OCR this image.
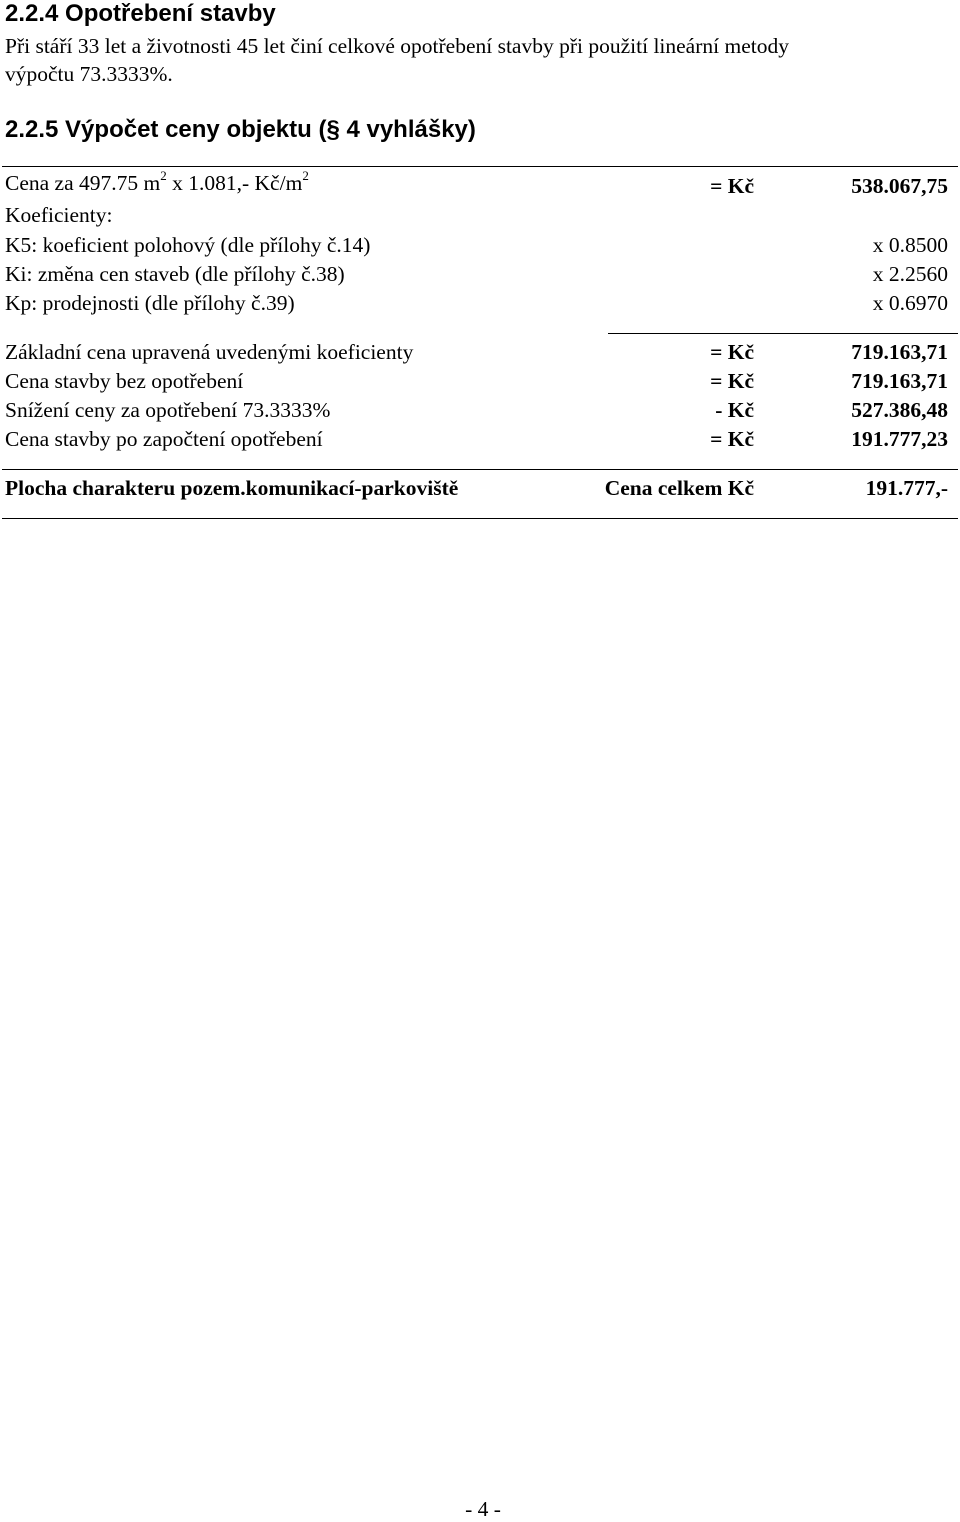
2.2.4 Opotřebení stavby
Při stáří 33 let a životnosti 45 let činí celkové opotřebení stavby při použití lineární metody
výpočtu 73.3333%.
2.2.5 Výpočet ceny objektu (§ 4 vyhlášky)
Cena za 497.75 $m^2$ x 1.081,- $Kč/m^2$	= Kč	538.067,75
Koeficienty:
K5: koeficient polohový (dle přílohy č.14)	x 0.8500
Ki: změna cen staveb (dle přílohy č.38)	x 2.2560
Kp: prodejnosti (dle přílohy č.39)	x 0.6970
Základní cena upravená uvedenými koeficienty	= Kč	719.163,71
Cena stavby bez opotřebení	= Kč	719.163,71
Snížení ceny za opotřebení 73.3333%	- Kč	527.386,48
Cena stavby po započtení opotřebení	= Kč	191.777,23
Plocha charakteru pozem.komunikací-parkoviště	Cena celkem Kč	191.777,-
- 4 -
